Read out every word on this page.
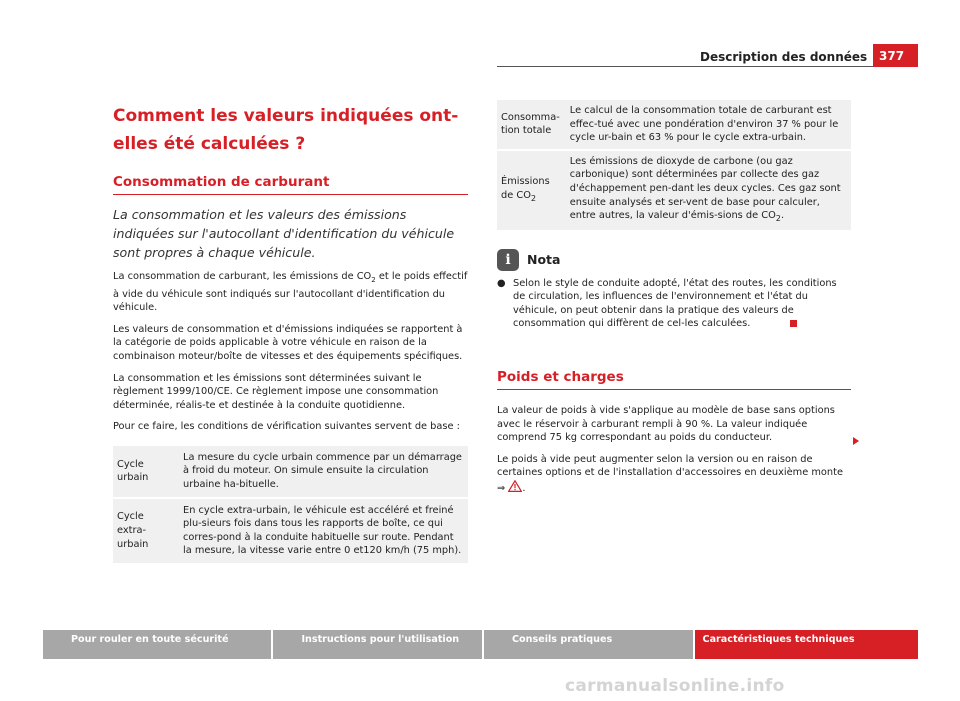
Description des données 377
Comment les valeurs indiquées ont-elles été calculées ?
Consommation de carburant
La consommation et les valeurs des émissions indiquées sur l'autocollant d'identification du véhicule sont propres à chaque véhicule.

La consommation de carburant, les émissions de $CO_2$ et le poids effectif à vide du véhicule sont indiqués sur l'autocollant d'identification du véhicule.

Les valeurs de consommation et d'émissions indiquées se rapportent à la catégorie de poids applicable à votre véhicule en raison de la combinaison moteur/boîte de vitesses et des équipements spécifiques.

La consommation et les émissions sont déterminées suivant le règlement 1999/100/CE. Ce règlement impose une consommation déterminée, réalis-te et destinée à la conduite quotidienne.

Pour ce faire, les conditions de vérification suivantes servent de base :

Cycle urbain	La mesure du cycle urbain commence par un démarrage à froid du moteur. On simule ensuite la circulation urbaine ha-bituelle.
Cycle extra-urbain	En cycle extra-urbain, le véhicule est accéléré et freiné plu-sieurs fois dans tous les rapports de boîte, ce qui corres-pond à la conduite habituelle sur route. Pendant la mesure, la vitesse varie entre 0 et120 km/h (75 mph).
Consomma-tion totale	Le calcul de la consommation totale de carburant est effec-tué avec une pondération d'environ 37 % pour le cycle ur-bain et 63 % pour le cycle extra-urbain.
Émissions de $CO_2$	Les émissions de dioxyde de carbone (ou gaz carbonique) sont déterminées par collecte des gaz d'échappement pen-dant les deux cycles. Ces gaz sont ensuite analysés et ser-vent de base pour calculer, entre autres, la valeur d'émis-sions de $CO_2$.
i	Nota
● Selon le style de conduite adopté, l'état des routes, les conditions de circulation, les influences de l'environnement et l'état du véhicule, on peut obtenir dans la pratique des valeurs de consommation qui diffèrent de cel-les calculées.
Poids et charges

La valeur de poids à vide s'applique au modèle de base sans options avec le réservoir à carburant rempli à 90 %. La valeur indiquée comprend 75 kg correspondant au poids du conducteur.

Le poids à vide peut augmenter selon la version ou en raison de certaines options et de l'installation d'accessoires en deuxième monte ⇒ .

Pour rouler en toute sécurité	Instructions pour l'utilisation	Conseils pratiques	Caractéristiques techniques
carmanualsonline.info
